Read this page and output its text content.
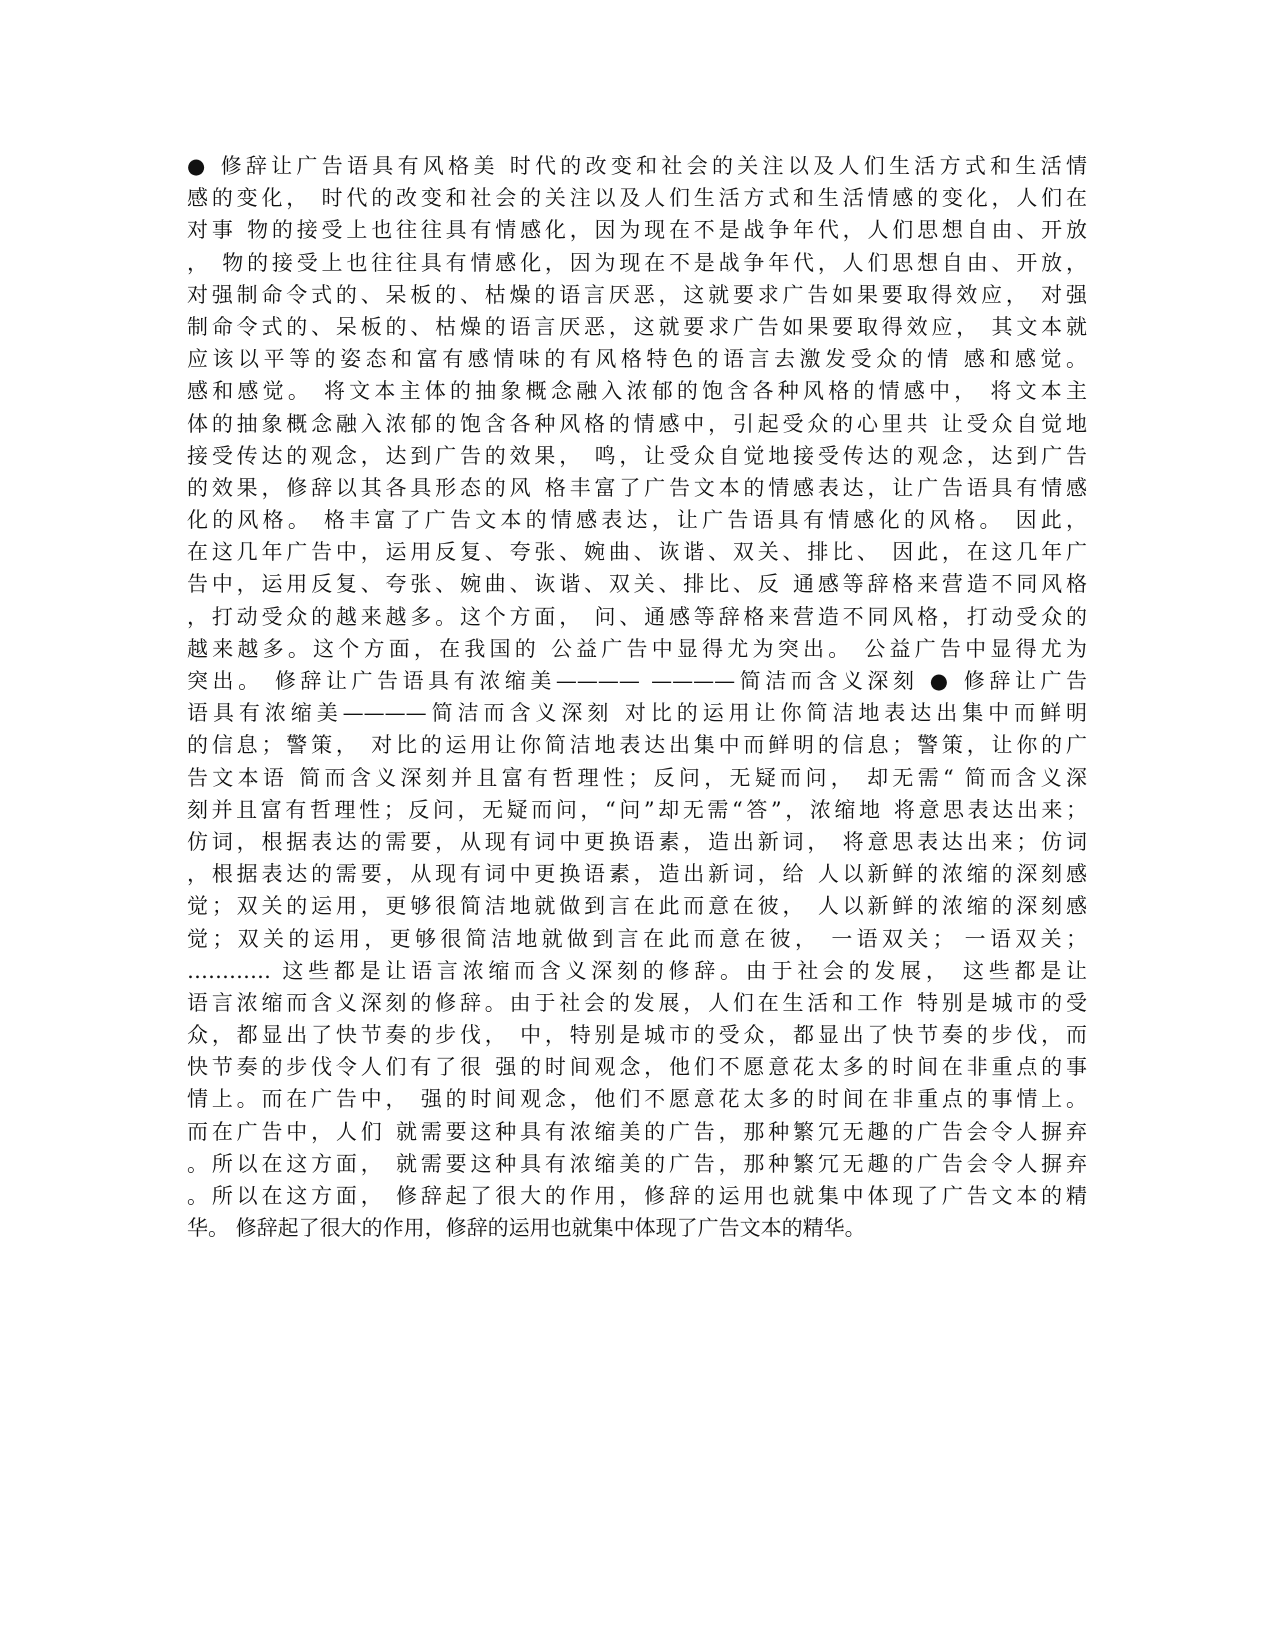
● 修辞让广告语具有风格美 时代的改变和社会的关注以及人们生活方式和生活情
感的变化， 时代的改变和社会的关注以及人们生活方式和生活情感的变化，人们在
对事 物的接受上也往往具有情感化，因为现在不是战争年代，人们思想自由、开放
， 物的接受上也往往具有情感化，因为现在不是战争年代，人们思想自由、开放，
对强制命令式的、呆板的、枯燥的语言厌恶，这就要求广告如果要取得效应， 对强
制命令式的、呆板的、枯燥的语言厌恶，这就要求广告如果要取得效应， 其文本就
应该以平等的姿态和富有感情味的有风格特色的语言去激发受众的情 感和感觉。
感和感觉。 将文本主体的抽象概念融入浓郁的饱含各种风格的情感中， 将文本主
体的抽象概念融入浓郁的饱含各种风格的情感中，引起受众的心里共 让受众自觉地
接受传达的观念，达到广告的效果， 鸣，让受众自觉地接受传达的观念，达到广告
的效果，修辞以其各具形态的风 格丰富了广告文本的情感表达，让广告语具有情感
化的风格。 格丰富了广告文本的情感表达，让广告语具有情感化的风格。 因此，
在这几年广告中，运用反复、夸张、婉曲、诙谐、双关、排比、 因此，在这几年广
告中，运用反复、夸张、婉曲、诙谐、双关、排比、反 通感等辞格来营造不同风格
，打动受众的越来越多。这个方面， 问、通感等辞格来营造不同风格，打动受众的
越来越多。这个方面，在我国的 公益广告中显得尤为突出。 公益广告中显得尤为
突出。 修辞让广告语具有浓缩美———— ————简洁而含义深刻 ● 修辞让广告
语具有浓缩美————简洁而含义深刻 对比的运用让你简洁地表达出集中而鲜明
的信息；警策， 对比的运用让你简洁地表达出集中而鲜明的信息；警策，让你的广
告文本语 简而含义深刻并且富有哲理性；反问，无疑而问， 却无需“ 简而含义深
刻并且富有哲理性；反问，无疑而问，“问”却无需“答”，浓缩地 将意思表达出来；
仿词，根据表达的需要，从现有词中更换语素，造出新词， 将意思表达出来；仿词
，根据表达的需要，从现有词中更换语素，造出新词，给 人以新鲜的浓缩的深刻感
觉；双关的运用，更够很简洁地就做到言在此而意在彼， 人以新鲜的浓缩的深刻感
觉；双关的运用，更够很简洁地就做到言在此而意在彼， 一语双关； 一语双关；
………… 这些都是让语言浓缩而含义深刻的修辞。由于社会的发展， 这些都是让
语言浓缩而含义深刻的修辞。由于社会的发展，人们在生活和工作 特别是城市的受
众，都显出了快节奏的步伐， 中，特别是城市的受众，都显出了快节奏的步伐，而
快节奏的步伐令人们有了很 强的时间观念，他们不愿意花太多的时间在非重点的事
情上。而在广告中， 强的时间观念，他们不愿意花太多的时间在非重点的事情上。
而在广告中，人们 就需要这种具有浓缩美的广告，那种繁冗无趣的广告会令人摒弃
。所以在这方面， 就需要这种具有浓缩美的广告，那种繁冗无趣的广告会令人摒弃
。所以在这方面， 修辞起了很大的作用，修辞的运用也就集中体现了广告文本的精
华。 修辞起了很大的作用，修辞的运用也就集中体现了广告文本的精华。
